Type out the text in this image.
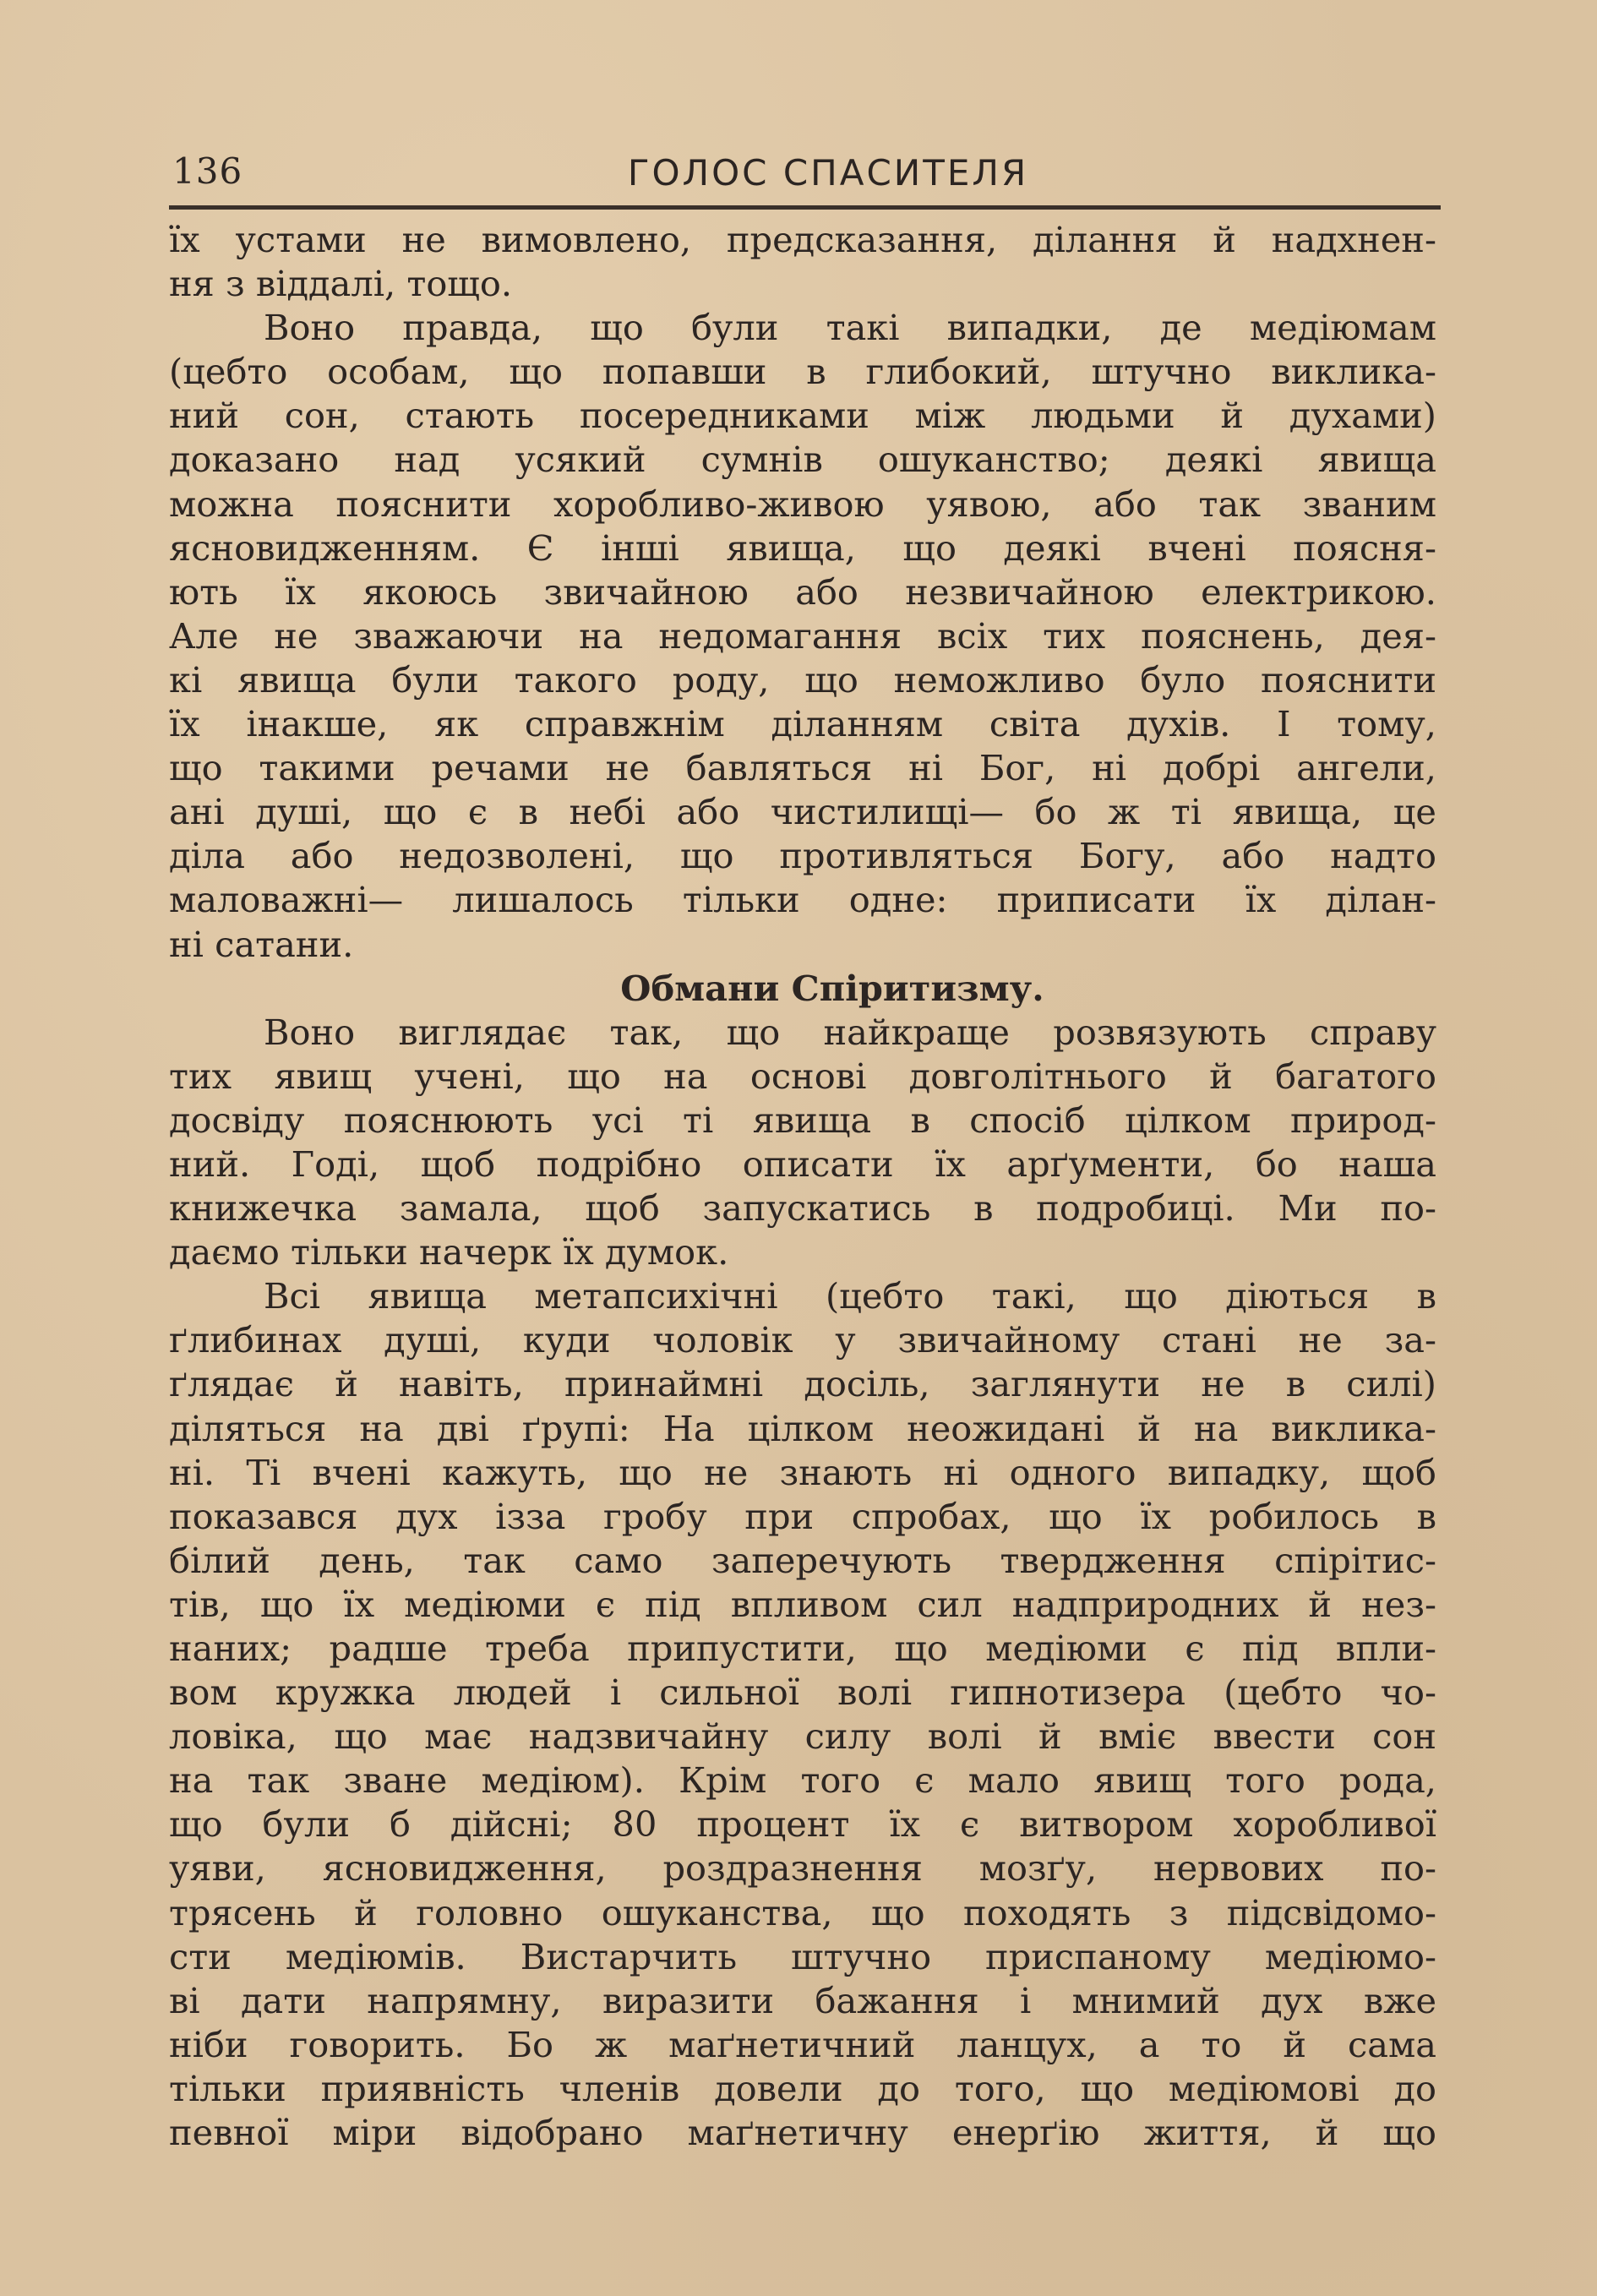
136	ГОЛОС СПАСИТЕЛЯ
їх устами не вимовлено, предсказання, ділання й надхнен-
ня з віддалі, тощо.
Воно правда, що були такі випадки, де медіюмам
(цебто особам, що попавши в глибокий, штучно виклика-
ний сон, стають посередниками між людьми й духами)
доказано над усякий сумнів ошуканство; деякі явища
можна пояснити хоробливо-живою уявою, або так званим
ясновидженням. Є інші явища, що деякі вчені поясня-
ють їх якоюсь звичайною або незвичайною електрикою.
Але не зважаючи на недомагання всіх тих пояснень, дея-
кі явища були такого роду, що неможливо було пояснити
їх інакше, як справжнім діланням світа духів. І тому,
що такими речами не бавляться ні Бог, ні добрі ангели,
ані душі, що є в небі або чистилищі— бо ж ті явища, це
діла або недозволені, що противляться Богу, або надто
маловажні— лишалось тільки одне: приписати їх ділан-
ні сатани.
Обмани Спіритизму.
Воно виглядає так, що найкраще розвязують справу
тих явищ учені, що на основі довголітнього й багатого
досвіду пояснюють усі ті явища в спосіб цілком природ-
ний. Годі, щоб подрібно описати їх арґументи, бо наша
книжечка замала, щоб запускатись в подробиці. Ми по-
даємо тільки начерк їх думок.
Всі явища метапсихічні (цебто такі, що діються в
ґлибинах душі, куди чоловік у звичайному стані не за-
ґлядає й навіть, принаймні досіль, заглянути не в силі)
діляться на дві ґрупі: На цілком неожидані й на виклика-
ні. Ті вчені кажуть, що не знають ні одного випадку, щоб
показався дух ізза гробу при спробах, що їх робилось в
білий день, так само заперечують твердження спірітис-
тів, що їх медіюми є під впливом сил надприродних й нез-
наних; радше треба припустити, що медіюми є під впли-
вом кружка людей і сильної волі гипнотизера (цебто чо-
ловіка, що має надзвичайну силу волі й вміє ввести сон
на так зване медіюм). Крім того є мало явищ того рода,
що були б дійсні; 80 процент їх є витвором хоробливої
уяви, ясновидження, роздразнення мозґу, нервових по-
трясень й головно ошуканства, що походять з підсвідомо-
сти медіюмів. Вистарчить штучно приспаному медіюмо-
ві дати напрямну, виразити бажання і мнимий дух вже
ніби говорить. Бо ж маґнетичний ланцух, а то й сама
тільки приявність членів довели до того, що медіюмові до
певної міри відобрано маґнетичну енерґію життя, й що
